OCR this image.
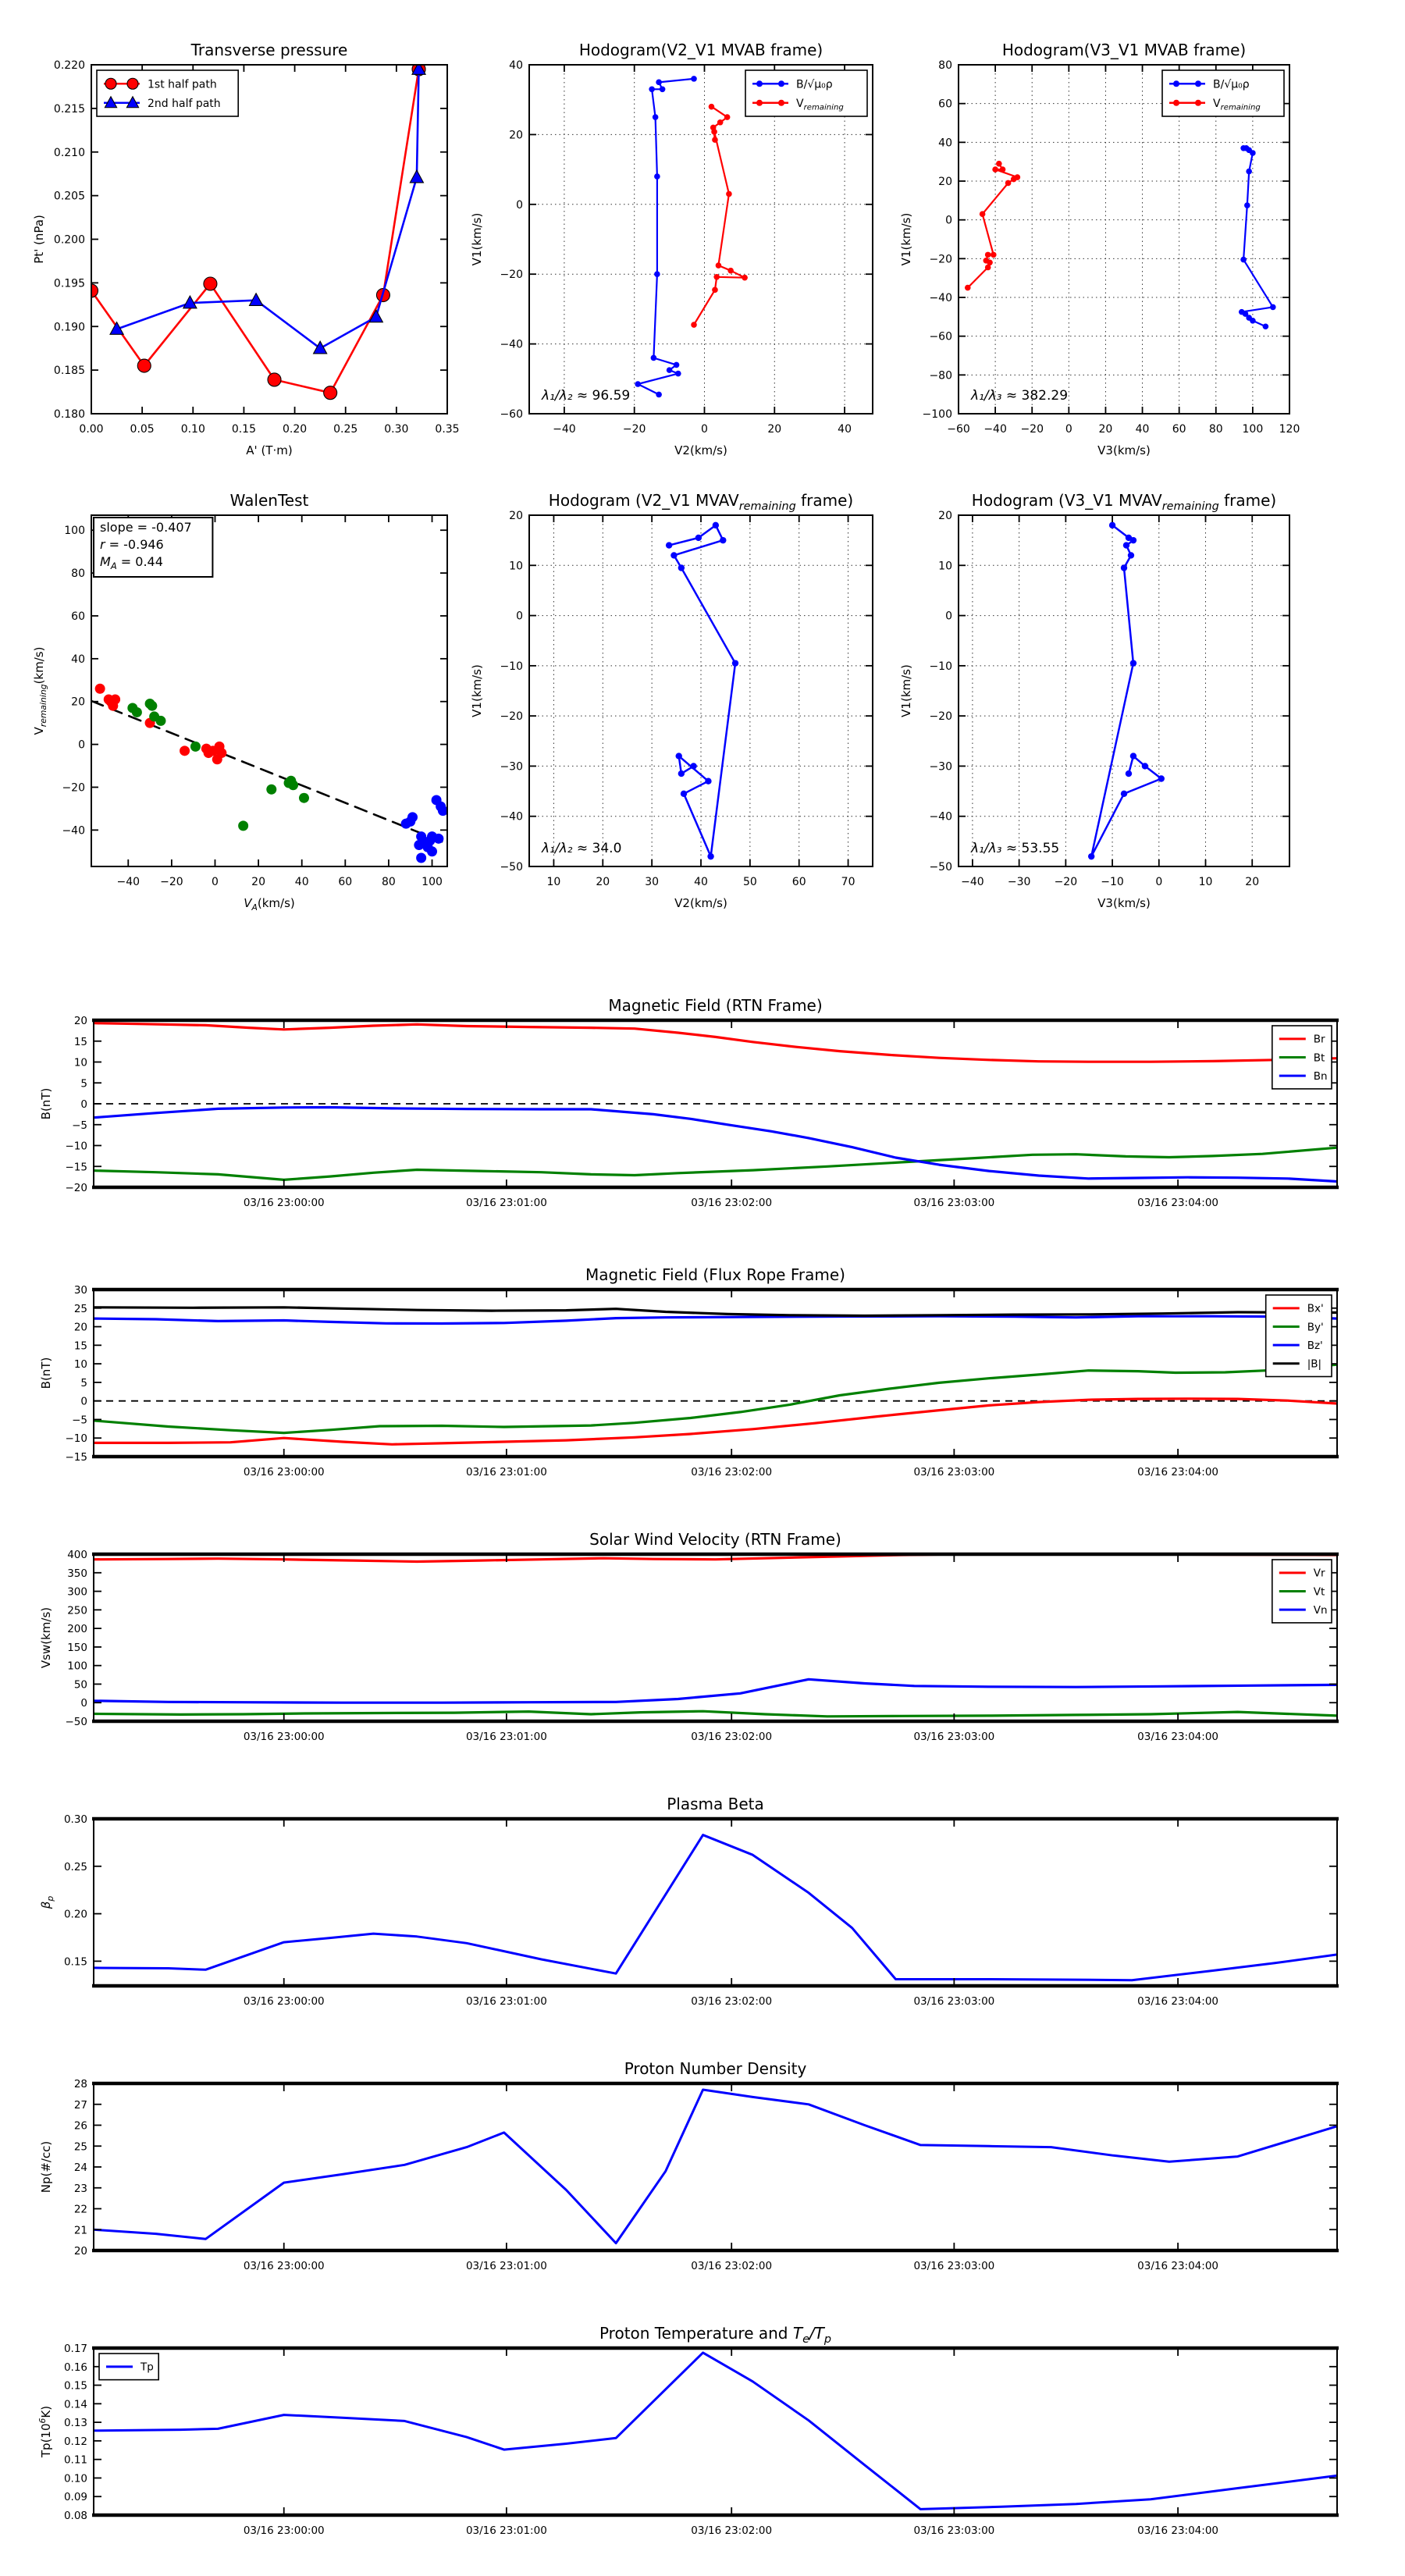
0.00 0.05 0.10 0.15 0.20 0.25 0.30 0.35
0.180
0.185
0.190
0.195
0.200
0.205
0.210
0.215
0.220
Transverse pressure
A' (T·m)
Pt' (nPa)
1st half path
2nd half path
−40	−20	0	20	40
−60
−40
−20
0
20
40
Hodogram(V2_V1 MVAB frame)
V2(km/s)
V1(km/s)
λ₁/λ₂ ≈ 96.59
B/√μ₀ρ
$V_{remaining}$
−60 −40 −20 0 20 40 60 80 100 120
−100
−80
−60
−40
−20
0
20
40
60
80
Hodogram(V3_V1 MVAB frame)
V3(km/s)
V1(km/s)
λ₁/λ₃ ≈ 382.29
B/√μ₀ρ
$V_{remaining}$
−40 −20	0	20	40	60	80 100
−40
−20
0
20
40
60
80
100
WalenTest
$V_A(km/s)$
$V_{remaining}(km/s)$
slope = -0.407
r = -0.946
$M_A = 0.44$
10	20	30	40	50	60	70
−50
−40
−30
−20
−10
0
10
20
Hodogram (V2_V1 $MVAV_{remaining}$ frame)
V2(km/s)
V1(km/s)
λ₁/λ₂ ≈ 34.0
−40 −30 −20 −10	0	10	20
−50
−40
−30
−20
−10
0
10
20
Hodogram (V3_V1 $MVAV_{remaining}$ frame)
V3(km/s)
V1(km/s)
λ₁/λ₃ ≈ 53.55
03/16 23:00:00	03/16 23:01:00	03/16 23:02:00	03/16 23:03:00	03/16 23:04:00
−20
−15
−10
−5
0
5
10
15
20
Magnetic Field (RTN Frame)
B(nT)
Br
Bt
Bn
03/16 23:00:00	03/16 23:01:00	03/16 23:02:00	03/16 23:03:00	03/16 23:04:00
−15
−10
−5
0
5
10
15
20
25
30
Magnetic Field (Flux Rope Frame)
B(nT)
Bx'
By'
Bz'
|B|
03/16 23:00:00	03/16 23:01:00	03/16 23:02:00	03/16 23:03:00	03/16 23:04:00
−50
0
50
100
150
200
250
300
350
400
Solar Wind Velocity (RTN Frame)
Vsw(km/s)
Vr
Vt
Vn
03/16 23:00:00	03/16 23:01:00	03/16 23:02:00	03/16 23:03:00	03/16 23:04:00
0.15
0.20
0.25
0.30
Plasma Beta
$\beta_p$
03/16 23:00:00	03/16 23:01:00	03/16 23:02:00	03/16 23:03:00	03/16 23:04:00
20
21
22
23
24
25
26
27
28
Proton Number Density
Np(#/cc)
03/16 23:00:00	03/16 23:01:00	03/16 23:02:00	03/16 23:03:00	03/16 23:04:00
0.08
0.09
0.10
0.11
0.12
0.13
0.14
0.15
0.16
0.17
Proton Temperature and $T_e/T_p$
$Tp(10^6K)$
Tp
